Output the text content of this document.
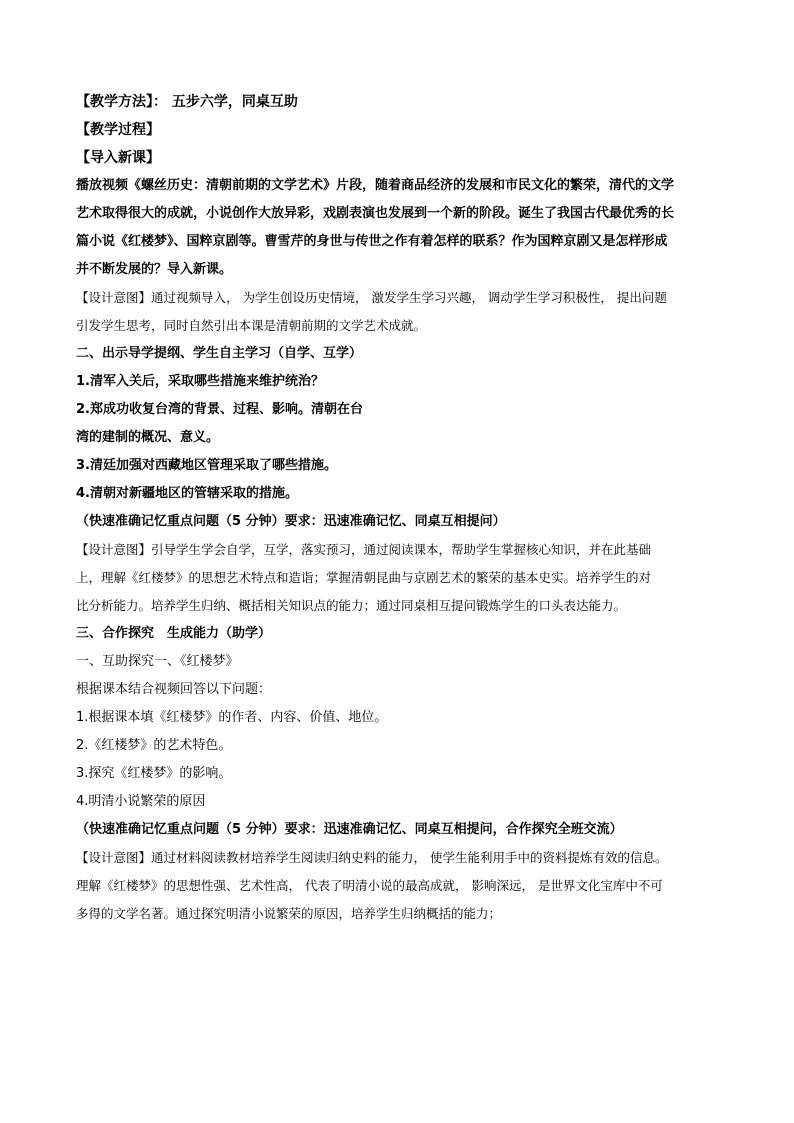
【教学方法】： 五步六学，同桌互助

【教学过程】

【导入新课】

播放视频《螺丝历史：清朝前期的文学艺术》片段，随着商品经济的发展和市民文化的繁荣，清代的文学

艺术取得很大的成就，小说创作大放异彩，戏剧表演也发展到一个新的阶段。诞生了我国古代最优秀的长

篇小说《红楼梦》、国粹京剧等。曹雪芹的身世与传世之作有着怎样的联系？作为国粹京剧又是怎样形成

并不断发展的？导入新课。

【设计意图】通过视频导入， 为学生创设历史情境， 激发学生学习兴趣， 调动学生学习积极性， 提出问题

引发学生思考，同时自然引出本课是清朝前期的文学艺术成就。

二、出示导学提纲、学生自主学习（自学、互学）

1.清军入关后，采取哪些措施来维护统治？

2.郑成功收复台湾的背景、过程、影响。清朝在台

湾的建制的概况、意义。

3.清廷加强对西藏地区管理采取了哪些措施。

4.清朝对新疆地区的管辖采取的措施。

（快速准确记忆重点问题（5 分钟）要求：迅速准确记忆、同桌互相提问）

【设计意图】引导学生学会自学，互学，落实预习，通过阅读课本，帮助学生掌握核心知识，并在此基础

上，理解《红楼梦》的思想艺术特点和造诣；掌握清朝昆曲与京剧艺术的繁荣的基本史实。培养学生的对

比分析能力。培养学生归纳、概括相关知识点的能力；通过同桌相互提问锻炼学生的口头表达能力。

三、合作探究　生成能力（助学）

一、互助探究一、《红楼梦》

根据课本结合视频回答以下问题：

1.根据课本填《红楼梦》的作者、内容、价值、地位。

2.《红楼梦》的艺术特色。

3.探究《红楼梦》的影响。

4.明清小说繁荣的原因

（快速准确记忆重点问题（5 分钟）要求：迅速准确记忆、同桌互相提问，合作探究全班交流）

【设计意图】通过材料阅读教材培养学生阅读归纳史料的能力， 使学生能利用手中的资料提炼有效的信息。

理解《红楼梦》的思想性强、艺术性高， 代表了明清小说的最高成就， 影响深远， 是世界文化宝库中不可

多得的文学名著。通过探究明清小说繁荣的原因，培养学生归纳概括的能力；
